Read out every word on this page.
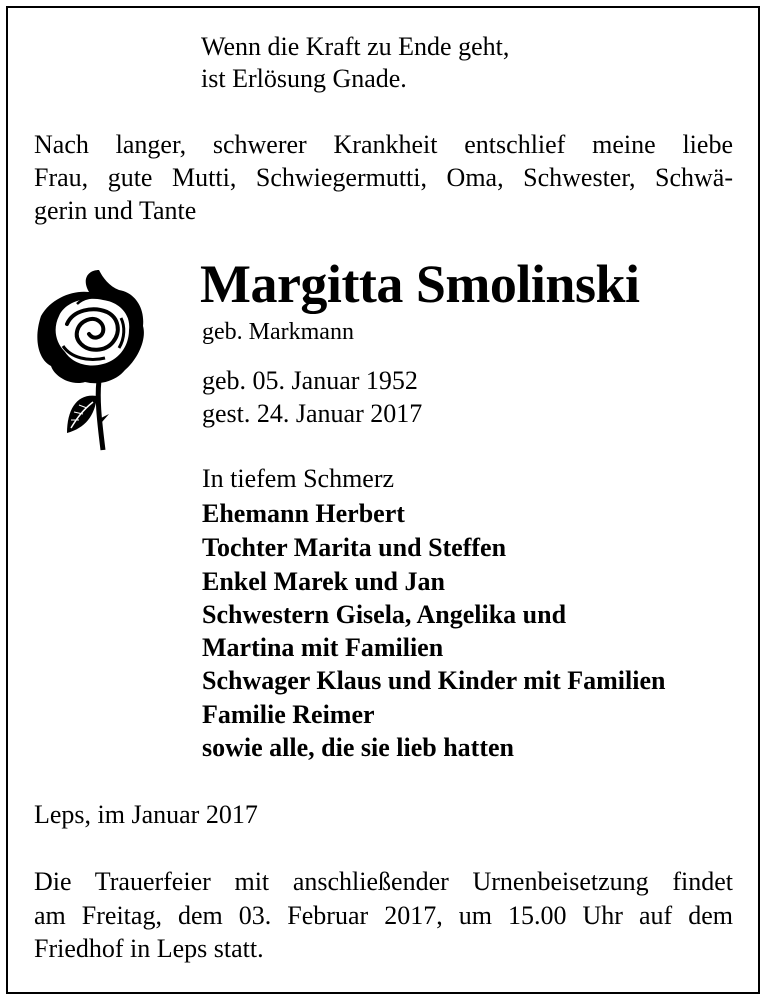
Wenn die Kraft zu Ende geht,

ist Erlösung Gnade.

Nach langer, schwerer Krankheit entschlief meine liebe

Frau, gute Mutti, Schwiegermutti, Oma, Schwester, Schwä-

gerin und Tante

Margitta Smolinski

geb. Markmann

geb. 05. Januar 1952

gest. 24. Januar 2017

In tiefem Schmerz

Ehemann Herbert

Tochter Marita und Steffen

Enkel Marek und Jan

Schwestern Gisela, Angelika und

Martina mit Familien

Schwager Klaus und Kinder mit Familien

Familie Reimer

sowie alle, die sie lieb hatten

Leps, im Januar 2017

Die Trauerfeier mit anschließender Urnenbeisetzung findet

am Freitag, dem 03. Februar 2017, um 15.00 Uhr auf dem

Friedhof in Leps statt.
